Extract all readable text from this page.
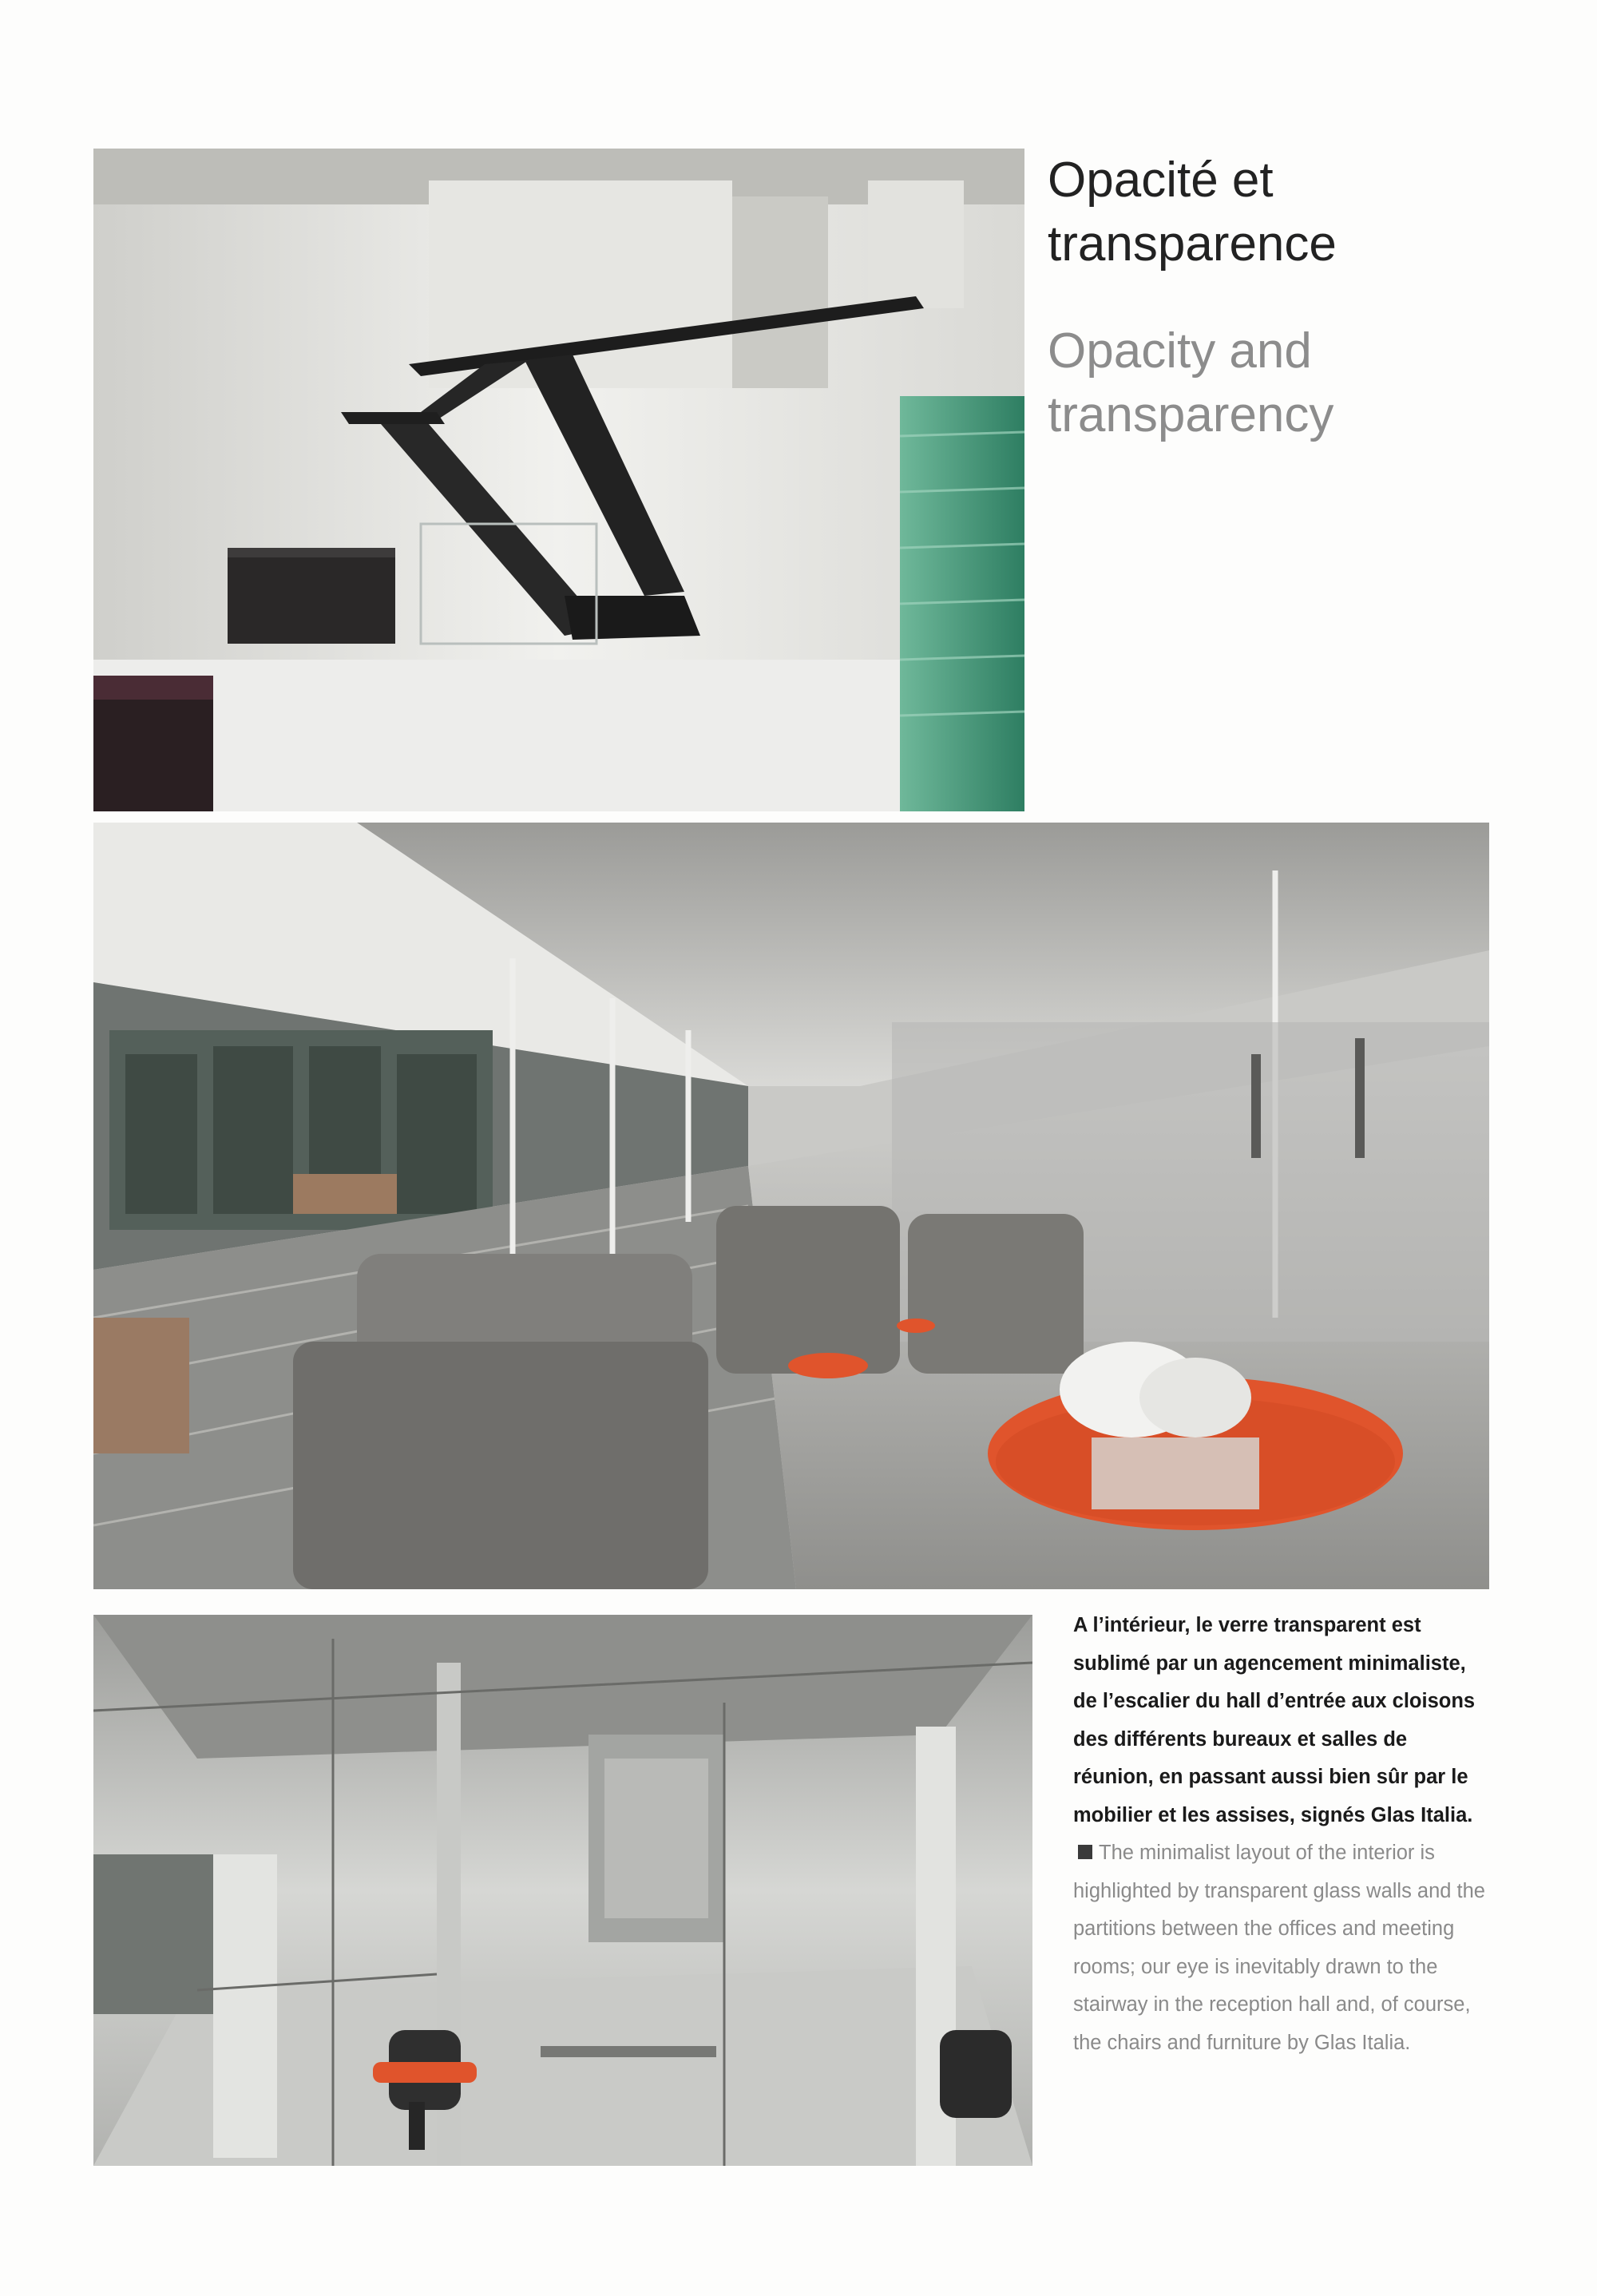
Opacité et transparence
Opacity and transparency

A l’intérieur, le verre transparent est sublimé par un agencement minimaliste, de l’escalier du hall d’entrée aux cloisons des différents bureaux et salles de réunion, en passant aussi bien sûr par le mobilier et les assises, signés Glas Italia.The minimalist layout of the interior is highlighted by transparent glass walls and the partitions between the offices and meeting rooms; our eye is inevitably drawn to the stairway in the reception hall and, of course, the chairs and furniture by Glas Italia.
